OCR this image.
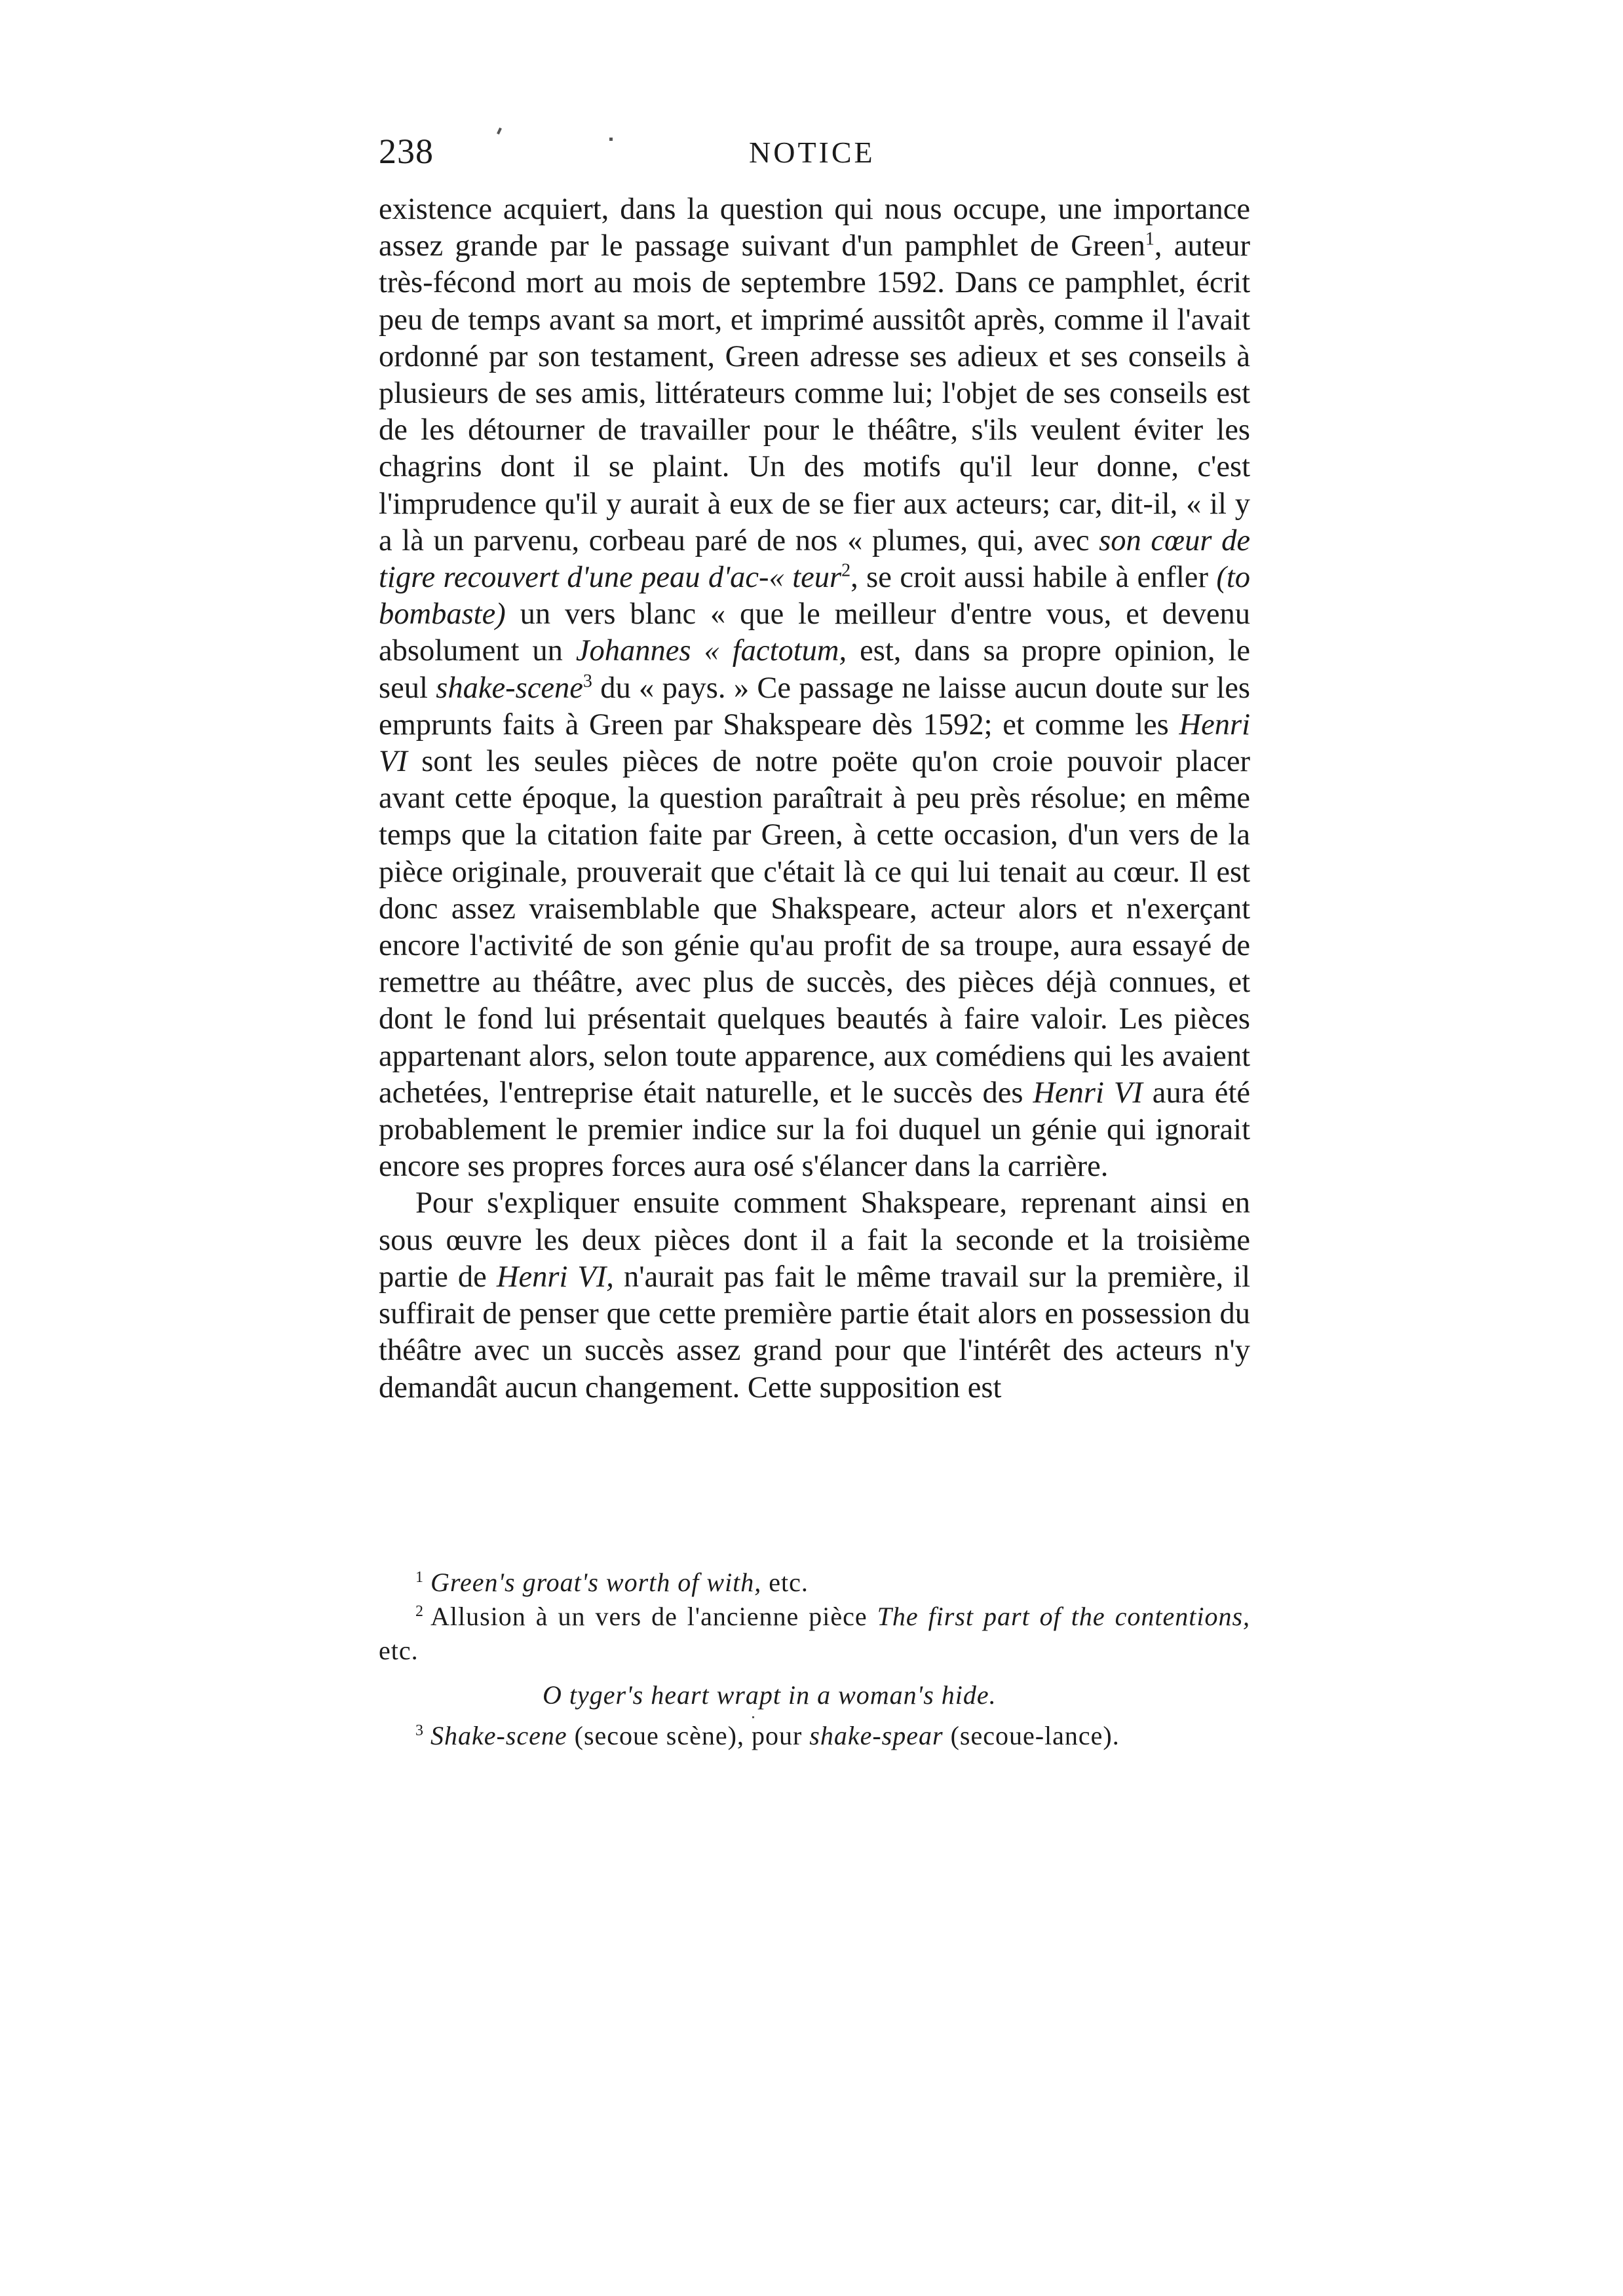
238	NOTICE

existence acquiert, dans la question qui nous occupe, une importance assez grande par le passage suivant d'un pamphlet de Green$^1$, auteur très-fécond mort au mois de septembre 1592. Dans ce pamphlet, écrit peu de temps avant sa mort, et imprimé aussitôt après, comme il l'avait ordonné par son testament, Green adresse ses adieux et ses conseils à plusieurs de ses amis, littérateurs comme lui; l'objet de ses conseils est de les détourner de travailler pour le théâtre, s'ils veulent éviter les chagrins dont il se plaint. Un des motifs qu'il leur donne, c'est l'imprudence qu'il y aurait à eux de se fier aux acteurs; car, dit-il, « il y a là un parvenu, corbeau paré de nos « plumes, qui, avec son cœur de tigre recouvert d'une peau d'ac-« teur$^2$, se croit aussi habile à enfler (to bombaste) un vers blanc « que le meilleur d'entre vous, et devenu absolument un Johannes « factotum, est, dans sa propre opinion, le seul shake-scene$^3$ du « pays. » Ce passage ne laisse aucun doute sur les emprunts faits à Green par Shakspeare dès 1592; et comme les Henri VI sont les seules pièces de notre poëte qu'on croie pouvoir placer avant cette époque, la question paraîtrait à peu près résolue; en même temps que la citation faite par Green, à cette occasion, d'un vers de la pièce originale, prouverait que c'était là ce qui lui tenait au cœur. Il est donc assez vraisemblable que Shakspeare, acteur alors et n'exerçant encore l'activité de son génie qu'au profit de sa troupe, aura essayé de remettre au théâtre, avec plus de succès, des pièces déjà connues, et dont le fond lui présentait quelques beautés à faire valoir. Les pièces appartenant alors, selon toute apparence, aux comédiens qui les avaient achetées, l'entreprise était naturelle, et le succès des Henri VI aura été probablement le premier indice sur la foi duquel un génie qui ignorait encore ses propres forces aura osé s'élancer dans la carrière.

Pour s'expliquer ensuite comment Shakspeare, reprenant ainsi en sous œuvre les deux pièces dont il a fait la seconde et la troisième partie de Henri VI, n'aurait pas fait le même travail sur la première, il suffirait de penser que cette première partie était alors en possession du théâtre avec un succès assez grand pour que l'intérêt des acteurs n'y demandât aucun changement. Cette supposition est

$^1$ Green's groat's worth of with, etc.

$^2$ Allusion à un vers de l'ancienne pièce The first part of the contentions, etc.

O tyger's heart wrapt in a woman's hide.

$^3$ Shake-scene (secoue scène), pour shake-spear (secoue-lance).
